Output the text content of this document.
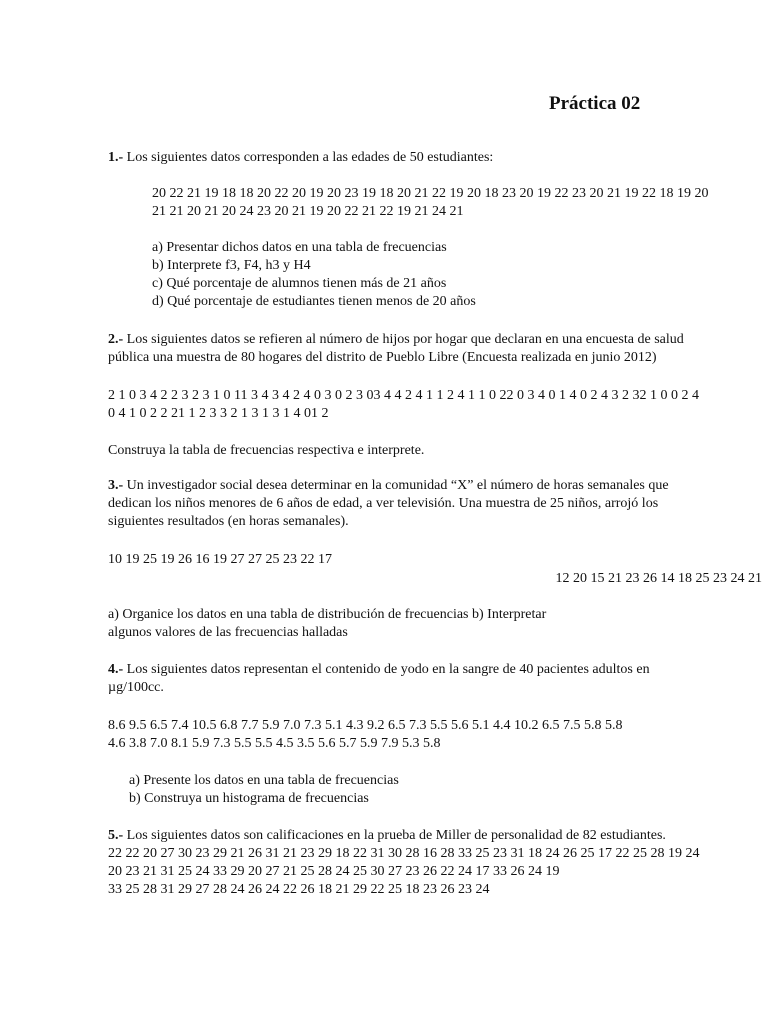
Práctica 02
1.- Los siguientes datos corresponden a las edades de 50 estudiantes:
20 22 21 19 18 18 20 22 20 19 20 23 19 18 20 21 22 19 20 18 23 20 19 22 23 20 21 19 22 18 19 20
21 21 20 21 20 24 23 20 21 19 20 22 21 22 19 21 24 21
a) Presentar dichos datos en una tabla de frecuencias
b) Interprete f3, F4, h3 y H4
c) Qué porcentaje de alumnos tienen más de 21 años
d) Qué porcentaje de estudiantes tienen menos de 20 años
2.- Los siguientes datos se refieren al número de hijos por hogar que declaran en una encuesta de salud
pública una muestra de 80 hogares del distrito de Pueblo Libre (Encuesta realizada en junio 2012)
2 1 0 3 4 2 2 3 2 3 1 0 11 3 4 3 4 2 4 0 3 0 2 3 03 4 4 2 4 1 1 2 4 1 1 0 22 0 3 4 0 1 4 0 2 4 3 2 32 1 0 0 2 4
0 4 1 0 2 2 21 1 2 3 3 2 1 3 1 3 1 4 01 2
Construya la tabla de frecuencias respectiva e interprete.
3.- Un investigador social desea determinar en la comunidad “X” el número de horas semanales que
dedican los niños menores de 6 años de edad, a ver televisión. Una muestra de 25 niños, arrojó los
siguientes resultados (en horas semanales).
10 19 25 19 26 16 19 27 27 25 23 22 17
12 20 15 21 23 26 14 18 25 23 24 21
a) Organice los datos en una tabla de distribución de frecuencias b) Interpretar
algunos valores de las frecuencias halladas
4.- Los siguientes datos representan el contenido de yodo en la sangre de 40 pacientes adultos en
µg/100cc.
8.6 9.5 6.5 7.4 10.5 6.8 7.7 5.9 7.0 7.3 5.1 4.3 9.2 6.5 7.3 5.5 5.6 5.1 4.4 10.2 6.5 7.5 5.8 5.8
4.6 3.8 7.0 8.1 5.9 7.3 5.5 5.5 4.5 3.5 5.6 5.7 5.9 7.9 5.3 5.8
a) Presente los datos en una tabla de frecuencias
b) Construya un histograma de frecuencias
5.- Los siguientes datos son calificaciones en la prueba de Miller de personalidad de 82 estudiantes.
22 22 20 27 30 23 29 21 26 31 21 23 29 18 22 31 30 28 16 28 33 25 23 31 18 24 26 25 17 22 25 28 19 24
20 23 21 31 25 24 33 29 20 27 21 25 28 24 25 30 27 23 26 22 24 17 33 26 24 19
33 25 28 31 29 27 28 24 26 24 22 26 18 21 29 22 25 18 23 26 23 24
